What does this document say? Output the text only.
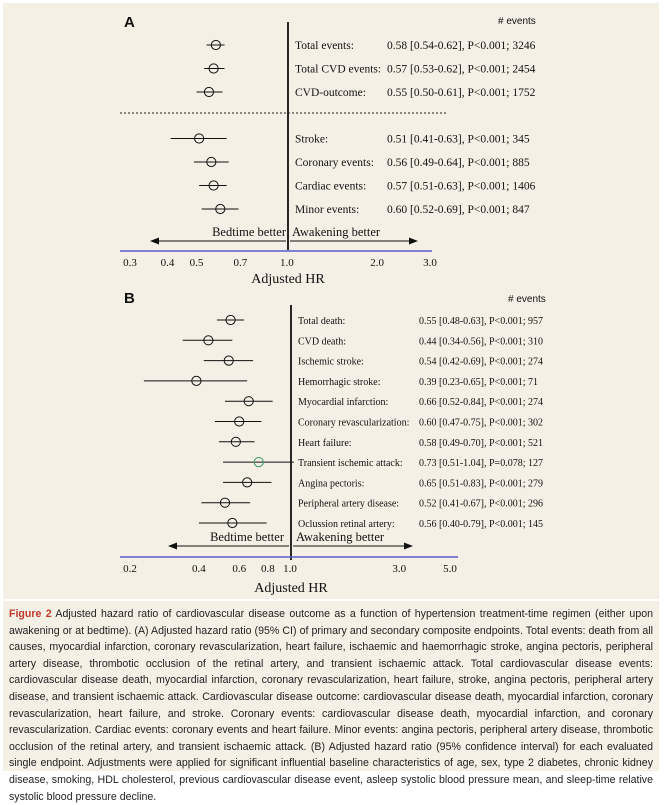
A	# events
Total events:	0.58 [0.54-0.62], P<0.001; 3246
Total CVD events: 0.57 [0.53-0.62], P<0.001; 2454
CVD-outcome: 0.55 [0.50-0.61], P<0.001; 1752
Stroke:	0.51 [0.41-0.63], P<0.001; 345
Coronary events: 0.56 [0.49-0.64], P<0.001; 885
Cardiac events: 0.57 [0.51-0.63], P<0.001; 1406
Minor events: 0.60 [0.52-0.69], P<0.001; 847
Bedtime better Awakening better
0.3 0.4 0.5	0.7	1.0	2.0	3.0
Adjusted HR
B	# events
Total death:	0.55 [0.48-0.63], P<0.001; 957
CVD death:	0.44 [0.34-0.56], P<0.001; 310
Ischemic stroke:	0.54 [0.42-0.69], P<0.001; 274
Hemorrhagic stroke:	0.39 [0.23-0.65], P<0.001; 71
Myocardial infarction:	0.66 [0.52-0.84], P<0.001; 274
Coronary revascularization: 0.60 [0.47-0.75], P<0.001; 302
Heart failure:	0.58 [0.49-0.70], P<0.001; 521
Transient ischemic attack: 0.73 [0.51-1.04], P=0.078; 127
Angina pectoris:	0.65 [0.51-0.83], P<0.001; 279
Peripheral artery disease: 0.52 [0.41-0.67], P<0.001; 296
Oclussion retinal artery: 0.56 [0.40-0.79], P<0.001; 145
Bedtime better Awakening better
0.2	0.4 0.6 0.8 1.0	3.0	5.0
Adjusted HR
Figure 2 Adjusted hazard ratio of cardiovascular disease outcome as a function of hypertension treatment-time regimen (either upon awakening or at bedtime). (A) Adjusted hazard ratio (95% CI) of primary and secondary composite endpoints. Total events: death from all causes, myocardial infarction, coronary revascularization, heart failure, ischaemic and haemorrhagic stroke, angina pectoris, peripheral artery disease, thrombotic occlusion of the retinal artery, and transient ischaemic attack. Total cardiovascular disease events: cardiovascular disease death, myocardial infarction, coronary revascularization, heart failure, stroke, angina pectoris, peripheral artery disease, and transient ischaemic attack. Cardiovascular disease outcome: cardiovascular disease death, myocardial infarction, coronary revascularization, heart failure, and stroke. Coronary events: cardiovascular disease death, myocardial infarction, and coronary revascularization. Cardiac events: coronary events and heart failure. Minor events: angina pectoris, peripheral artery disease, thrombotic occlusion of the retinal artery, and transient ischaemic attack. (B) Adjusted hazard ratio (95% confidence interval) for each evaluated single endpoint. Adjustments were applied for significant influential baseline characteristics of age, sex, type 2 diabetes, chronic kidney disease, smoking, HDL cholesterol, previous cardiovascular disease event, asleep systolic blood pressure mean, and sleep-time relative systolic blood pressure decline.
